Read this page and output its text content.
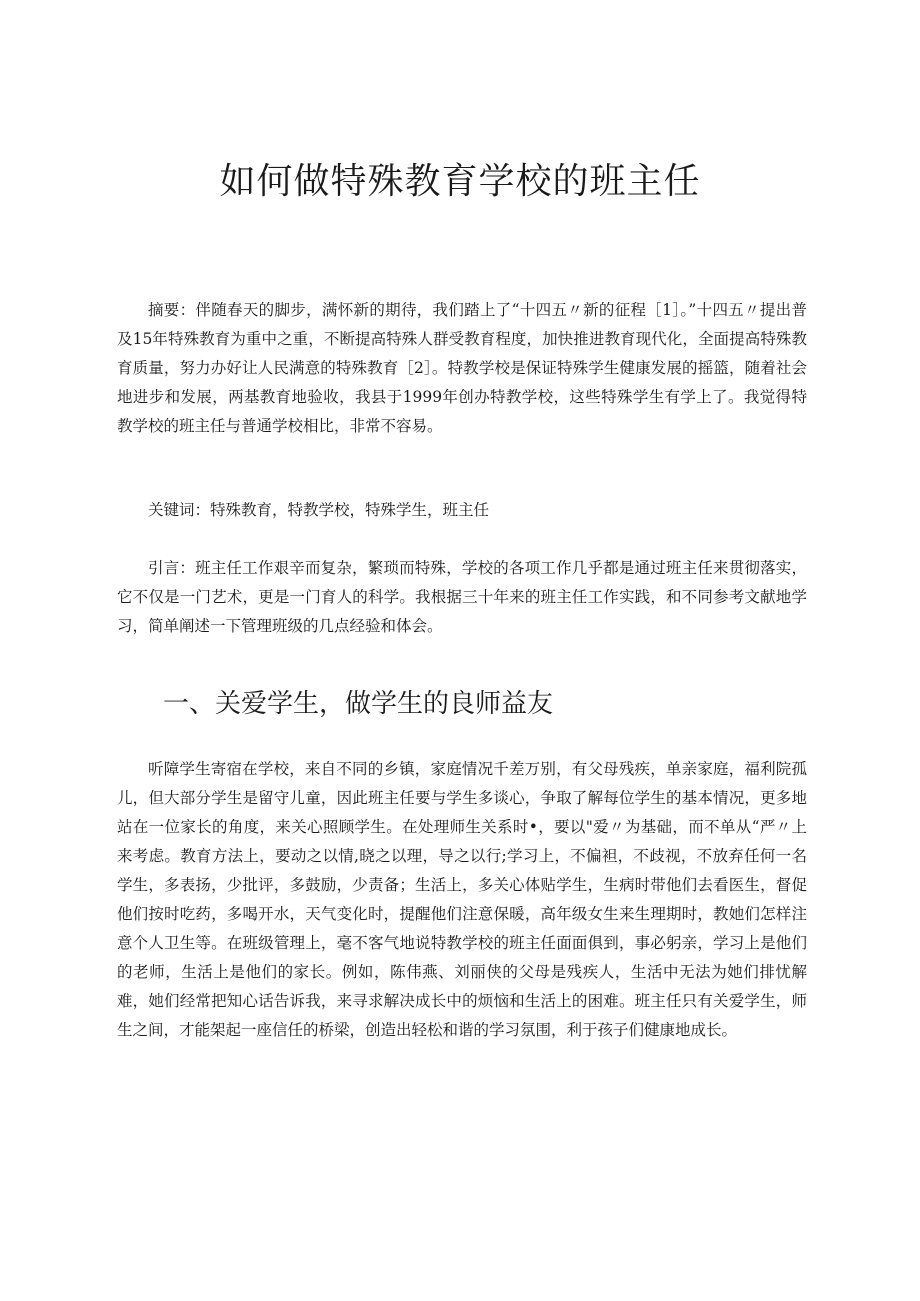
如何做特殊教育学校的班主任

摘要：伴随春天的脚步，满怀新的期待，我们踏上了“十四五〃新的征程［1］。”十四五〃提出普及15年特殊教育为重中之重，不断提高特殊人群受教育程度，加快推进教育现代化，全面提高特殊教育质量，努力办好让人民满意的特殊教育［2］。特教学校是保证特殊学生健康发展的摇篮，随着社会地进步和发展，两基教育地验收，我县于1999年创办特教学校，这些特殊学生有学上了。我觉得特教学校的班主任与普通学校相比，非常不容易。

关键词：特殊教育，特教学校，特殊学生，班主任

引言：班主任工作艰辛而复杂，繁琐而特殊，学校的各项工作几乎都是通过班主任来贯彻落实，它不仅是一门艺术，更是一门育人的科学。我根据三十年来的班主任工作实践，和不同参考文献地学习，简单阐述一下管理班级的几点经验和体会。

一、关爱学生，做学生的良师益友

听障学生寄宿在学校，来自不同的乡镇，家庭情况千差万别，有父母残疾，单亲家庭，福利院孤儿，但大部分学生是留守儿童，因此班主任要与学生多谈心，争取了解每位学生的基本情况，更多地站在一位家长的角度，来关心照顾学生。在处理师生关系时•，要以"爱〃为基础，而不单从“严〃上来考虑。教育方法上，要动之以情,晓之以理，导之以行;学习上，不偏袒，不歧视，不放弃任何一名学生，多表扬，少批评，多鼓励，少责备；生活上，多关心体贴学生，生病时带他们去看医生，督促他们按时吃药，多喝开水，天气变化时，提醒他们注意保暖，高年级女生来生理期时，教她们怎样注意个人卫生等。在班级管理上，毫不客气地说特教学校的班主任面面俱到，事必躬亲，学习上是他们的老师，生活上是他们的家长。例如，陈伟燕、刘丽侠的父母是残疾人，生活中无法为她们排忧解难，她们经常把知心话告诉我，来寻求解决成长中的烦恼和生活上的困难。班主任只有关爱学生，师生之间，才能架起一座信任的桥梁，创造出轻松和谐的学习氛围，利于孩子们健康地成长。
